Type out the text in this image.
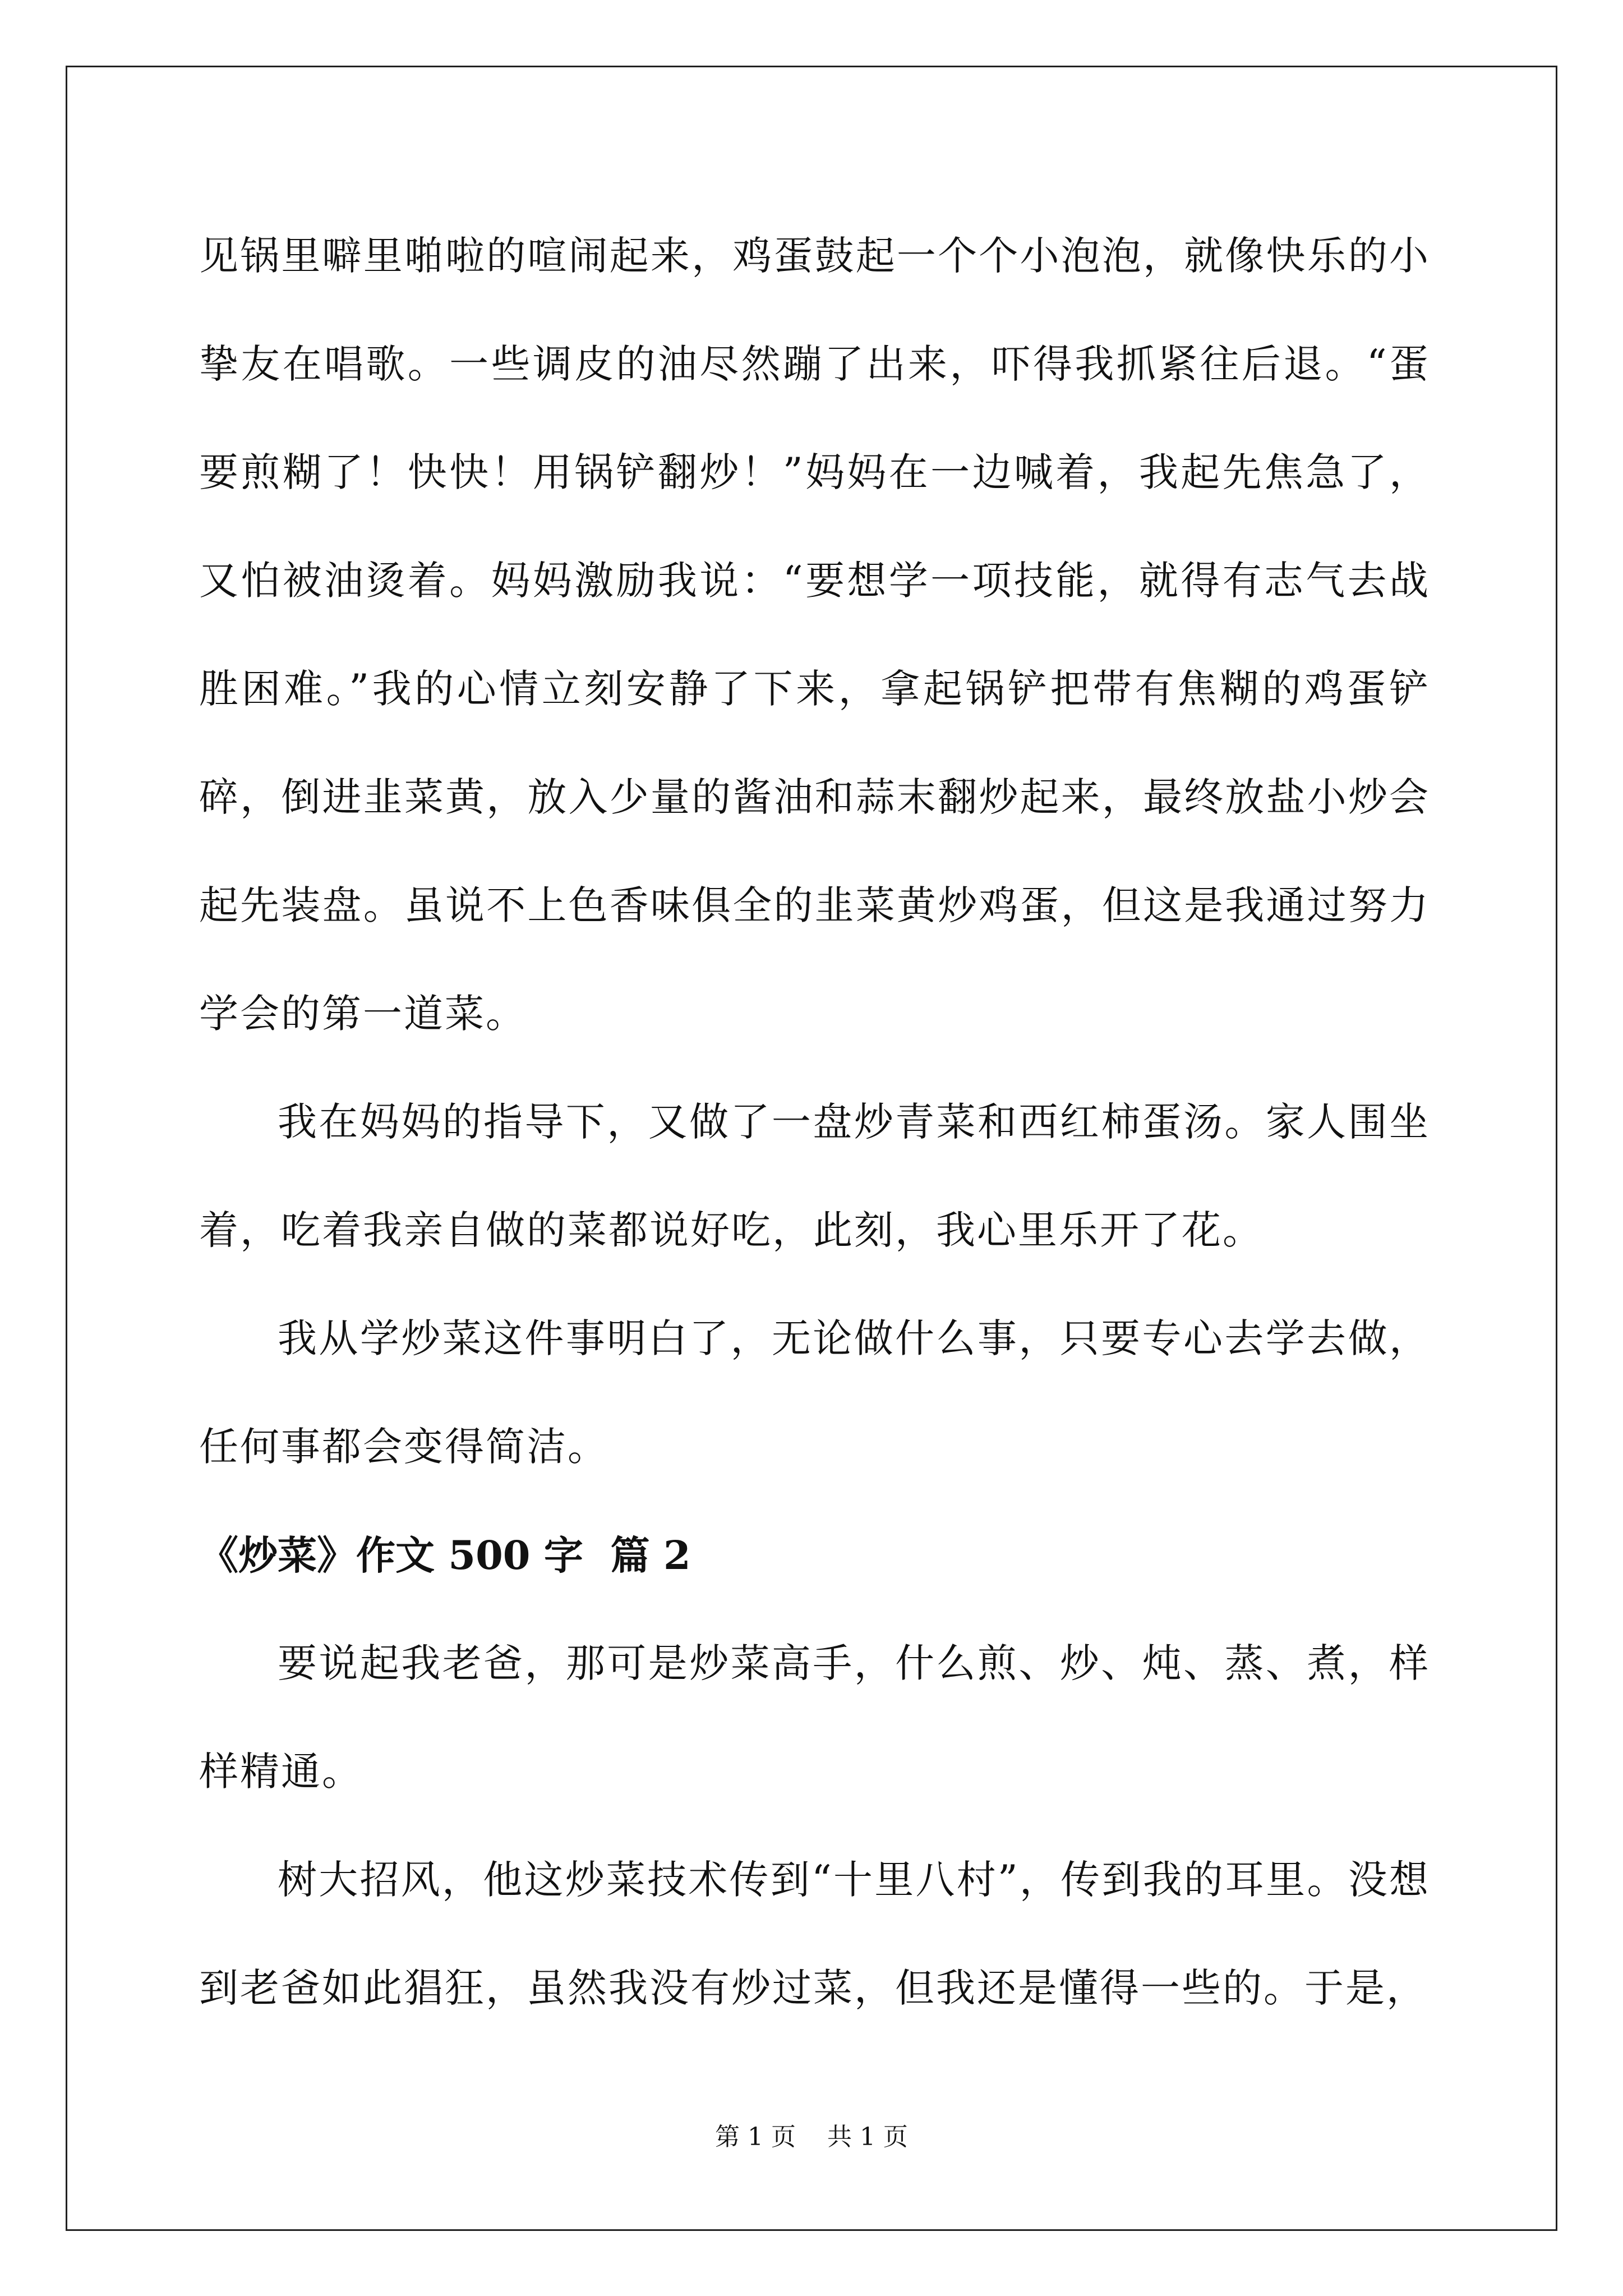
见锅里噼里啪啦的喧闹起来，鸡蛋鼓起一个个小泡泡，就像快乐的小挚友在唱歌。一些调皮的油尽然蹦了出来，吓得我抓紧往后退。“蛋要煎糊了！快快！用锅铲翻炒！”妈妈在一边喊着，我起先焦急了，又怕被油烫着。妈妈激励我说：“要想学一项技能，就得有志气去战胜困难。”我的心情立刻安静了下来，拿起锅铲把带有焦糊的鸡蛋铲碎，倒进韭菜黄，放入少量的酱油和蒜末翻炒起来，最终放盐小炒会起先装盘。虽说不上色香味俱全的韭菜黄炒鸡蛋，但这是我通过努力学会的第一道菜。

我在妈妈的指导下，又做了一盘炒青菜和西红柿蛋汤。家人围坐着，吃着我亲自做的菜都说好吃，此刻，我心里乐开了花。

我从学炒菜这件事明白了，无论做什么事，只要专心去学去做，任何事都会变得简洁。

《炒菜》作文 500 字  篇 2

要说起我老爸，那可是炒菜高手，什么煎、炒、炖、蒸、煮，样样精通。

树大招风，他这炒菜技术传到“十里八村”，传到我的耳里。没想到老爸如此猖狂，虽然我没有炒过菜，但我还是懂得一些的。于是，

第 1 页    共 1 页
